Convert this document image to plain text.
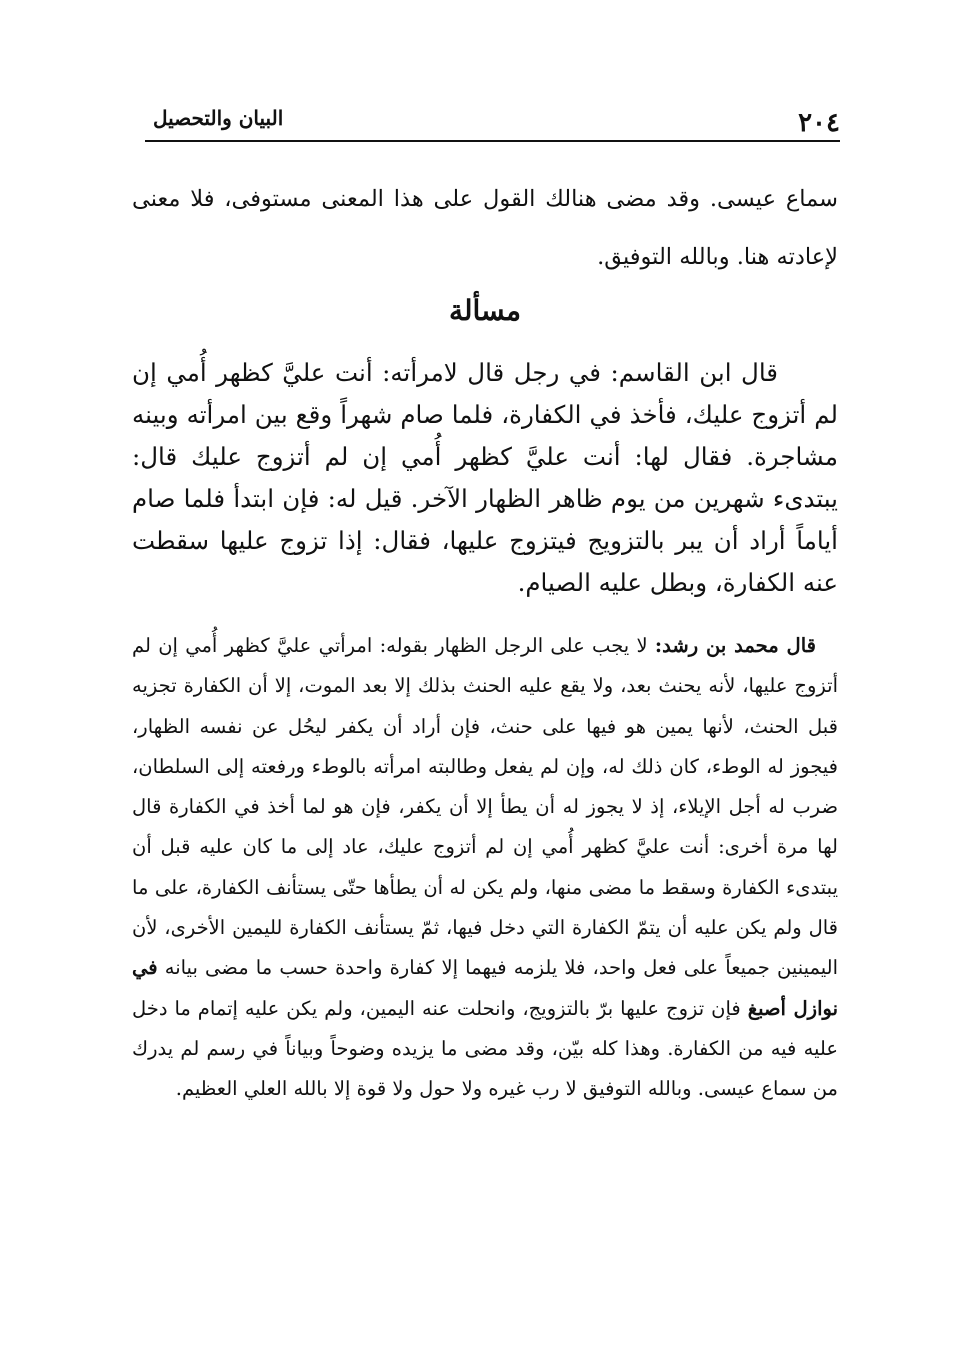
٢٠٤
البيان والتحصيل

سماع عيسى. وقد مضى هنالك القول على هذا المعنى مستوفى، فلا معنى لإعادته هنا. وبالله التوفيق.

مسألة

قال ابن القاسم: في رجل قال لامرأته: أنت عليَّ كظهر أُمي إن لم أتزوج عليك، فأخذ في الكفارة، فلما صام شهراً وقع بين امرأته وبينه مشاجرة. فقال لها: أنت عليَّ كظهر أُمي إن لم أتزوج عليك قال: يبتدىء شهرين من يوم ظاهر الظهار الآخر. قيل له: فإن ابتدأ فلما صام أياماً أراد أن يبر بالتزويج فيتزوج عليها، فقال: إذا تزوج عليها سقطت عنه الكفارة، وبطل عليه الصيام.

قال محمد بن رشد: لا يجب على الرجل الظهار بقوله: امرأتي عليَّ كظهر أُمي إن لم أتزوج عليها، لأنه يحنث بعد، ولا يقع عليه الحنث بذلك إلا بعد الموت، إلا أن الكفارة تجزيه قبل الحنث، لأنها يمين هو فيها على حنث، فإن أراد أن يكفر ليحُل عن نفسه الظهار، فيجوز له الوطء، كان ذلك له، وإن لم يفعل وطالبته امرأته بالوطء ورفعته إلى السلطان، ضرب له أجل الإيلاء، إذ لا يجوز له أن يطأ إلا أن يكفر، فإن هو لما أخذ في الكفارة قال لها مرة أخرى: أنت عليَّ كظهر أُمي إن لم أتزوج عليك، عاد إلى ما كان عليه قبل أن يبتدىء الكفارة وسقط ما مضى منها، ولم يكن له أن يطأها حتّى يستأنف الكفارة، على ما قال ولم يكن عليه أن يتمّ الكفارة التي دخل فيها، ثمّ يستأنف الكفارة لليمين الأخرى، لأن اليمينين جميعاً على فعل واحد، فلا يلزمه فيهما إلا كفارة واحدة حسب ما مضى بيانه في نوازل أصبغ فإن تزوج عليها برّ بالتزويج، وانحلت عنه اليمين، ولم يكن عليه إتمام ما دخل عليه فيه من الكفارة. وهذا كله بيّن، وقد مضى ما يزيده وضوحاً وبياناً في رسم لم يدرك من سماع عيسى. وبالله التوفيق لا رب غيره ولا حول ولا قوة إلا بالله العلي العظيم.
